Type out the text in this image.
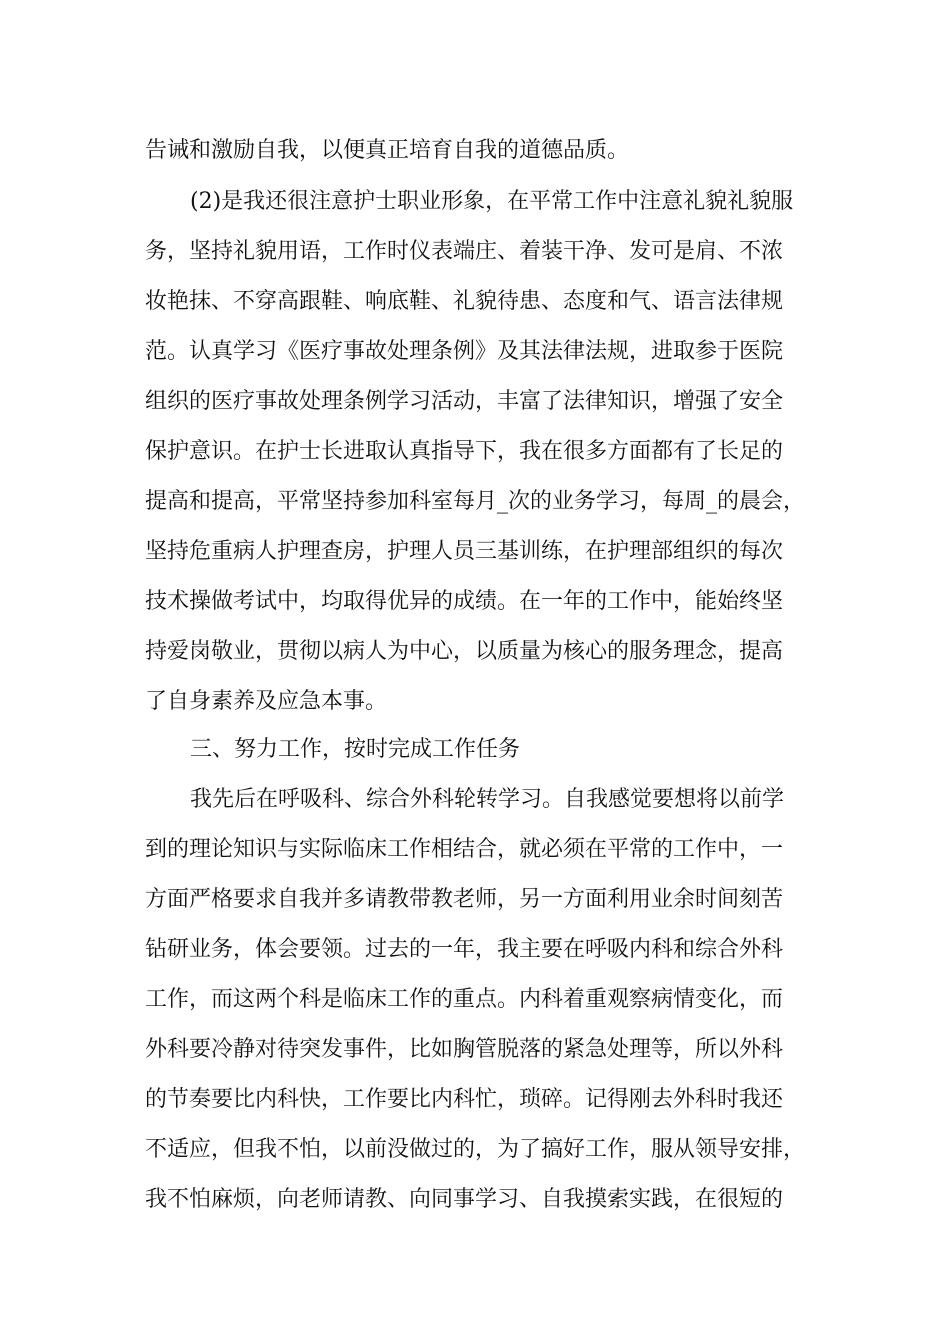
告诫和激励自我，以便真正培育自我的道德品质。
(2)是我还很注意护士职业形象，在平常工作中注意礼貌礼貌服
务，坚持礼貌用语，工作时仪表端庄、着装干净、发可是肩、不浓
妆艳抹、不穿高跟鞋、响底鞋、礼貌待患、态度和气、语言法律规
范。认真学习《医疗事故处理条例》及其法律法规，进取参于医院
组织的医疗事故处理条例学习活动，丰富了法律知识，增强了安全
保护意识。在护士长进取认真指导下，我在很多方面都有了长足的
提高和提高，平常坚持参加科室每月_次的业务学习，每周_的晨会，
坚持危重病人护理查房，护理人员三基训练，在护理部组织的每次
技术操做考试中，均取得优异的成绩。在一年的工作中，能始终坚
持爱岗敬业，贯彻以病人为中心，以质量为核心的服务理念，提高
了自身素养及应急本事。
三、努力工作，按时完成工作任务
我先后在呼吸科、综合外科轮转学习。自我感觉要想将以前学
到的理论知识与实际临床工作相结合，就必须在平常的工作中，一
方面严格要求自我并多请教带教老师，另一方面利用业余时间刻苦
钻研业务，体会要领。过去的一年，我主要在呼吸内科和综合外科
工作，而这两个科是临床工作的重点。内科着重观察病情变化，而
外科要冷静对待突发事件，比如胸管脱落的紧急处理等，所以外科
的节奏要比内科快，工作要比内科忙，琐碎。记得刚去外科时我还
不适应，但我不怕，以前没做过的，为了搞好工作，服从领导安排，
我不怕麻烦，向老师请教、向同事学习、自我摸索实践，在很短的
